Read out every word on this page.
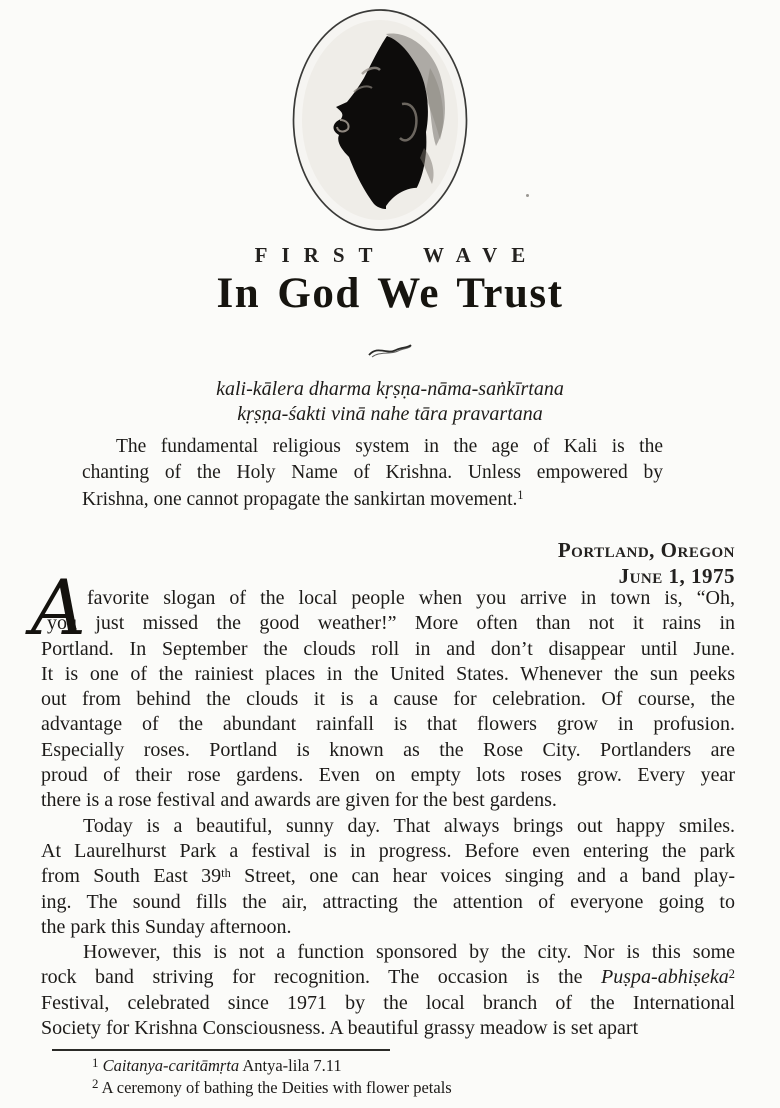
FIRST WAVE
In God We Trust
kali-kālera dharma kṛṣṇa-nāma-saṅkīrtana
kṛṣṇa-śakti vinā nahe tāra pravartana
The fundamental religious system in the age of Kali is the
chanting of the Holy Name of Krishna. Unless empowered by
Krishna, one cannot propagate the sankirtan movement.$^1$
Portland, Oregon
June 1, 1975
A favorite slogan of the local people when you arrive in town is, “Oh,
you just missed the good weather!” More often than not it rains in
Portland. In September the clouds roll in and don’t disappear until June.
It is one of the rainiest places in the United States. Whenever the sun peeks
out from behind the clouds it is a cause for celebration. Of course, the
advantage of the abundant rainfall is that flowers grow in profusion.
Especially roses. Portland is known as the Rose City. Portlanders are
proud of their rose gardens. Even on empty lots roses grow. Every year
there is a rose festival and awards are given for the best gardens.
Today is a beautiful, sunny day. That always brings out happy smiles.
At Laurelhurst Park a festival is in progress. Before even entering the park
from South East 39th Street, one can hear voices singing and a band play-
ing. The sound fills the air, attracting the attention of everyone going to
the park this Sunday afternoon.
However, this is not a function sponsored by the city. Nor is this some
rock band striving for recognition. The occasion is the Puṣpa-abhiṣeka$^2$
Festival, celebrated since 1971 by the local branch of the International
Society for Krishna Consciousness. A beautiful grassy meadow is set apart
$^1$ Caitanya-caritāmṛta Antya-lila 7.11
$^2$ A ceremony of bathing the Deities with flower petals
